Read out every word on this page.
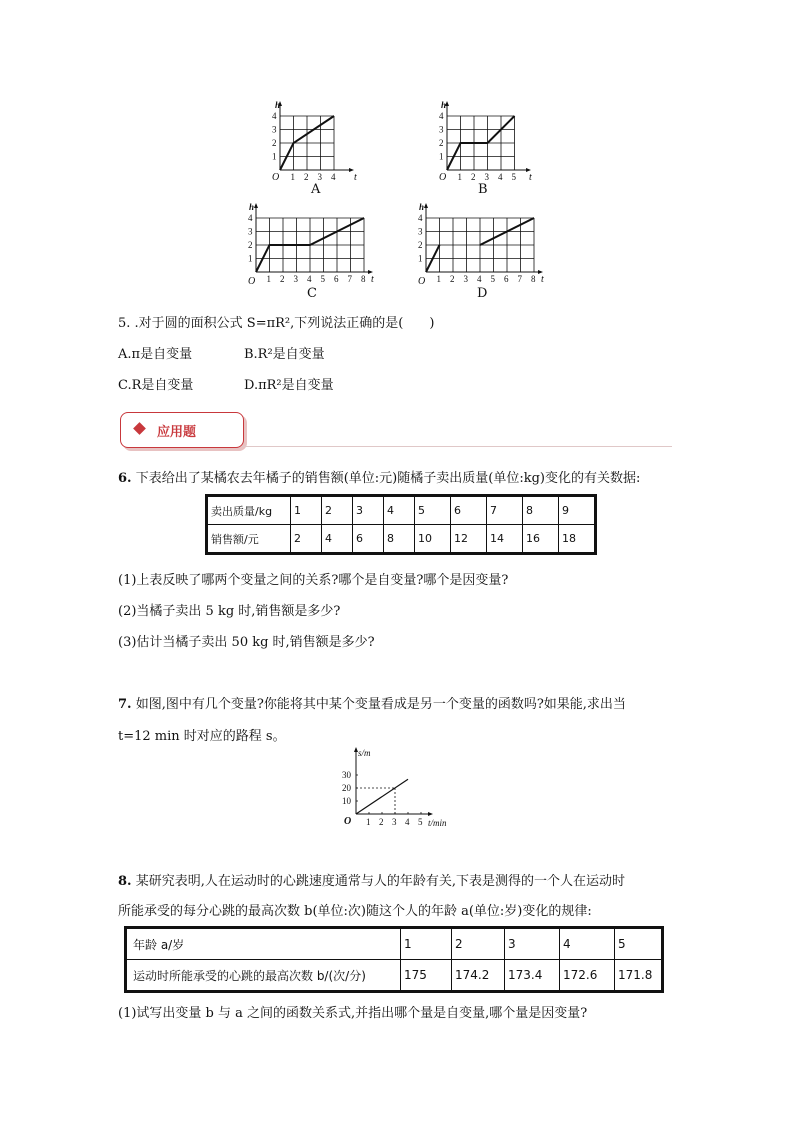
h
t
O 1 2 3 4
1
2
3
4
A
h
t
O 1 2 3 4 5
1
2
3
4
B
h
t
O 1 2 3 4 5 6 7 8
1
2
3
4
C
h
t
O 1 2 3 4 5 6 7 8
1
2
3
4
D
5. .对于圆的面积公式 S=πR²,下列说法正确的是(　　)
A.π是自变量	B.R²是自变量
C.R是自变量	D.πR²是自变量
应用题
6. 下表给出了某橘农去年橘子的销售额(单位:元)随橘子卖出质量(单位:kg)变化的有关数据:
卖出质量/kg	1	2	3	4	5	6	7	8	9
销售额/元	2	4	6	8	10	12	14	16	18
(1)上表反映了哪两个变量之间的关系?哪个是自变量?哪个是因变量?
(2)当橘子卖出 5 kg 时,销售额是多少?
(3)估计当橘子卖出 50 kg 时,销售额是多少?
7. 如图,图中有几个变量?你能将其中某个变量看成是另一个变量的函数吗?如果能,求出当
t=12 min 时对应的路程 s。
1 2 3 4 5
10
20
30
s/m
t/min
O
8. 某研究表明,人在运动时的心跳速度通常与人的年龄有关,下表是测得的一个人在运动时
所能承受的每分心跳的最高次数 b(单位:次)随这个人的年龄 a(单位:岁)变化的规律:
年龄 a/岁	1	2	3	4	5
运动时所能承受的心跳的最高次数 b/(次/分)	175	174.2	173.4	172.6	171.8
(1)试写出变量 b 与 a 之间的函数关系式,并指出哪个量是自变量,哪个量是因变量?
